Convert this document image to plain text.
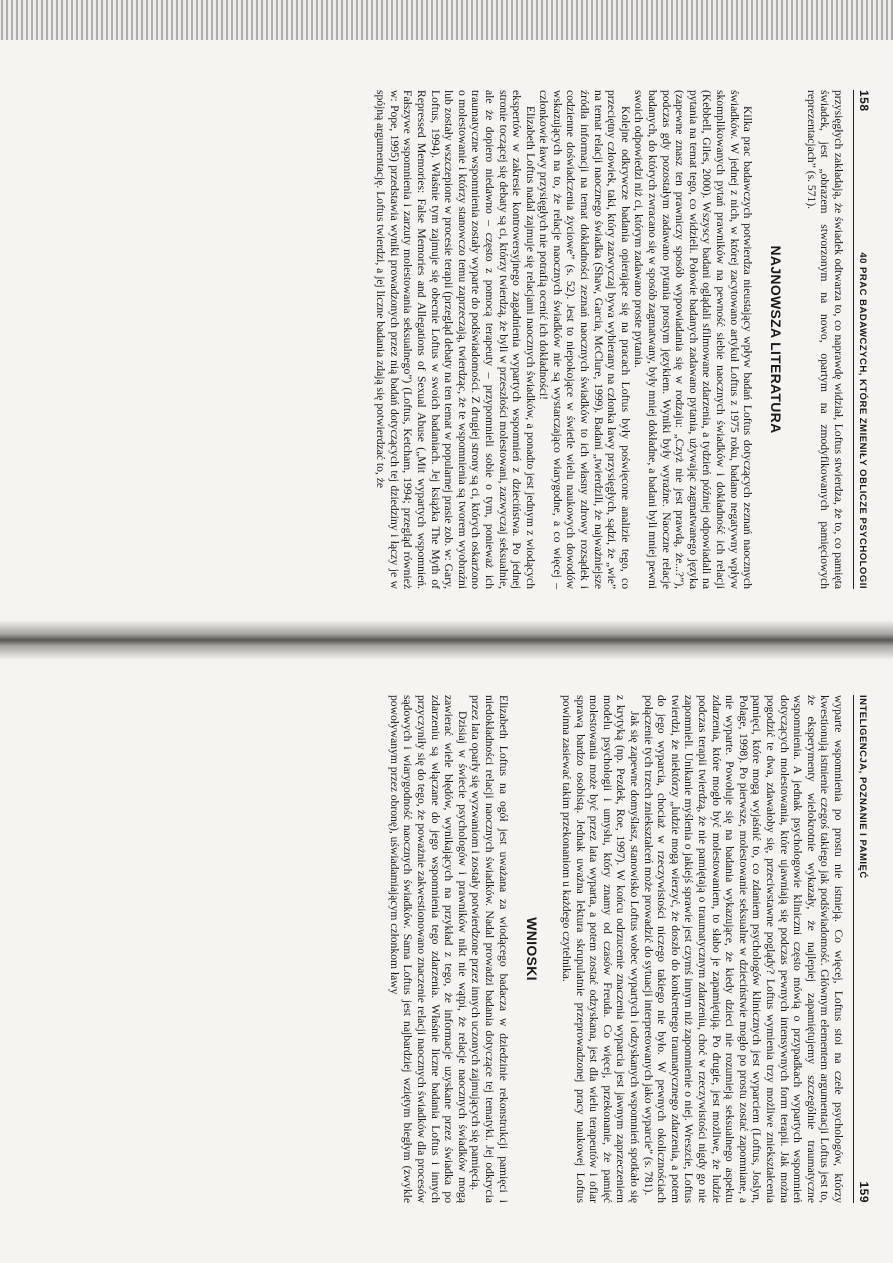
158
40 PRAC BADAWCZYCH, KTÓRE ZMIENIŁY OBLICZE PSYCHOLOGII

przysięgłych zakładają, że świadek odtwarza to, co naprawdę widział, Loftus stwierdza, że to, co pamięta świadek, jest „obrazem stworzonym na nowo, opartym na zmodyfikowanych pamięciowych reprezentacjach” (s. 571).

NAJNOWSZA LITERATURA

Kilka prac badawczych potwierdza nieustający wpływ badań Loftus dotyczących zeznań naocznych świadków. W jednej z nich, w której zacytowano artykuł Loftus z 1975 roku, badano negatywny wpływ skomplikowanych pytań prawników na pewność siebie naocznych świadków i dokładność ich relacji (Kebbell, Giles, 2000). Wszyscy badani oglądali sfilmowane zdarzenia, a tydzień później odpowiadali na pytania na temat tego, co widzieli. Połowie badanych zadawano pytania, używając zagmatwanego języka (zapewne znasz ten prawniczy sposób wypowiadania się w rodzaju: „Czyż nie jest prawdą, że...?”), podczas gdy pozostałym zadawano pytania prostym językiem. Wyniki były wyraźne. Naoczne relacje badanych, do których zwracano się w sposób zagmatwany, były mniej dokładne, a badani byli mniej pewni swoich odpowiedzi niż ci, którym zadawano proste pytania.

Kolejne odkrywcze badania opierające się na pracach Loftus były poświęcone analizie tego, co przeciętny człowiek, taki, który zazwyczaj bywa wybierany na członka ławy przysięgłych, sądzi, że „wie” na temat relacji naocznego świadka (Shaw, Garcia, McClure, 1999). Badani „twierdzili, że najważniejsze źródła informacji na temat dokładności zeznań naocznych świadków to ich własny zdrowy rozsądek i codzienne doświadczenia życiowe” (s. 52). Jest to niepokojące w świetle wielu naukowych dowodów wskazujących na to, że relacje naocznych świadków nie są wystarczająco wiarygodne, a co więcej – członkowie ławy przysięgłych nie potrafią ocenić ich dokładności!

Elizabeth Loftus nadal zajmuje się relacjami naocznych świadków, a ponadto jest jednym z wiodących ekspertów w zakresie kontrowersyjnego zagadnienia wypartych wspomnień z dzieciństwa. Po jednej stronie toczącej się debaty są ci, którzy twierdzą, że byli w przeszłości molestowani, zazwyczaj seksualnie, ale że dopiero niedawno – często z pomocą terapeuty – przypomnieli sobie o tym, ponieważ ich traumatyczne wspomnienia zostały wyparte do podświadomości. Z drugiej strony są ci, których oskarżono o molestowanie i którzy stanowczo temu zaprzeczają, twierdząc, że te wspomnienia są tworem wyobraźni lub zostały wszczepione w procesie terapii (przegląd debaty na ten temat w popularnej prasie zob. w: Gary, Loftus, 1994). Właśnie tym zajmuje się obecnie Loftus w swoich badaniach. Jej książka The Myth of Repressed Memories: False Memories and Allegations of Sexual Abuse („Mit wypartych wspomnień. Fałszywe wspomnienia i zarzuty molestowania seksualnego”) (Loftus, Ketcham, 1994; przegląd również w: Pope, 1995) przedstawia wyniki prowadzonych przez nią badań dotyczących tej dziedziny i łączy je w spójną argumentację. Loftus twierdzi, a jej liczne badania zdają się potwierdzać to, że

INTELIGENCJA, POZNANIE I PAMIĘĆ
159

wyparte wspomnienia po prostu nie istnieją. Co więcej, Loftus stoi na czele psychologów, którzy kwestionują istnienie czegoś takiego jak podświadomość. Głównym elementem argumentacji Loftus jest to, że eksperymenty wielokrotnie wykazały, że najlepiej zapamiętujemy szczególnie traumatyczne wspomnienia. A jednak psychologowie kliniczni często mówią o przypadkach wypartych wspomnień dotyczących molestowania, które ujawniają się podczas pewnych intensywnych form terapii. Jak można pogodzić te dwa, zdawałoby się, przeciwstawne poglądy? Loftus wymienia trzy możliwe zniekształcenia pamięci, które mogą wyjaśnić to, co zdaniem psychologów klinicznych jest wyparciem (Loftus, Joslyn, Polage, 1998). Po pierwsze, molestowanie seksualne w dzieciństwie mogło po prostu zostać zapomniane, a nie wyparte. Powołuje się na badania wykazujące, że kiedy dzieci nie rozumieją seksualnego aspektu zdarzenia, które mogło być molestowaniem, to słabo je zapamiętują. Po drugie, jest możliwe, że ludzie podczas terapii twierdzą, że nie pamiętają o traumatycznym zdarzeniu, choć w rzeczywistości nigdy go nie zapomnieli. Unikanie myślenia o jakiejś sprawie jest czymś innym niż zapomnienie o niej. Wreszcie, Loftus twierdzi, że niektórzy „ludzie mogą wierzyć, że doszło do konkretnego traumatycznego zdarzenia, a potem do jego wyparcia, chociaż w rzeczywistości niczego takiego nie było. W pewnych okolicznościach połączenie tych trzech zniekształceń może prowadzić do sytuacji interpretowanych jako wyparcie” (s. 781).

Jak się zapewne domyślasz, stanowisko Loftus wobec wypartych i odzyskanych wspomnień spotkało się z krytyką (np. Pezdek, Roe, 1997). W końcu odrzucenie znaczenia wyparcia jest jawnym zaprzeczeniem modelu psychologii i umysłu, który znamy od czasów Freuda. Co więcej, przekonanie, że pamięć molestowania może być przez lata wyparta, a potem zostać odzyskana, jest dla wielu terapeutów i ofiar sprawą bardzo osobistą. Jednak uważna lektura skrupulatnie przeprowadzonej pracy naukowej Loftus powinna zasiewać takim przekonaniom u każdego czytelnika.

WNIOSKI

Elizabeth Loftus na ogół jest uważana za wiodącego badacza w dziedzinie rekonstrukcji pamięci i niedokładności relacji naocznych świadków. Nadal prowadzi badania dotyczące tej tematyki. Jej odkrycia przez lata oparły się wyzwaniom i zostały potwierdzone przez innych uczonych zajmujących się pamięcią.

Dzisiaj w świecie psychologów i prawników nikt nie wątpi, że relacje naocznych świadków mogą zawierać wiele błędów, wynikających na przykład z tego, że informacje uzyskane przez świadka po zdarzeniu są włączane do jego wspomnienia tego zdarzenia. Właśnie liczne badania Loftus i innych przyczyniły się do tego, że poważnie zakwestionowano znaczenie relacji naocznych świadków dla procesów sądowych i wiarygodność naocznych świadków. Sama Loftus jest najbardziej wziętym biegłym (zwykle powoływanym przez obronę), uświadamiającym członkom ławy
